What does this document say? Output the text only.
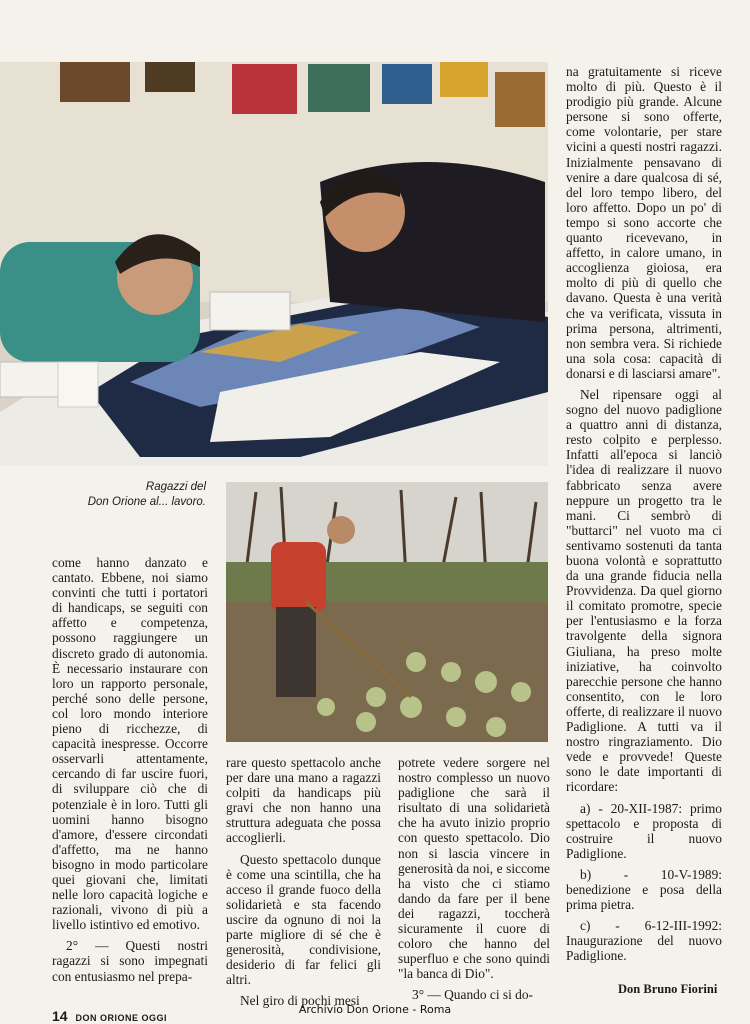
Ragazzi del
Don Orione al... lavoro.

come hanno danzato e cantato. Ebbene, noi siamo convinti che tutti i portatori di handicaps, se seguiti con affetto e competenza, possono raggiungere un discreto grado di autonomia. È necessario instaurare con loro un rapporto personale, perché sono delle persone, col loro mondo interiore pieno di ricchezze, di capacità inespresse. Occorre osservarli attentamente, cercando di far uscire fuori, di sviluppare ciò che di potenziale è in loro. Tutti gli uomini hanno bisogno d'amore, d'essere circondati d'affetto, ma ne hanno bisogno in modo particolare quei giovani che, limitati nelle loro capacità logiche e razionali, vivono di più a livello istintivo ed emotivo.

2° — Questi nostri ragazzi si sono impegnati con entusiasmo nel prepa-

rare questo spettacolo anche per dare una mano a ragazzi colpiti da handicaps più gravi che non hanno una struttura adeguata che possa accoglierli.

Questo spettacolo dunque è come una scintilla, che ha acceso il grande fuoco della solidarietà e sta facendo uscire da ognuno di noi la parte migliore di sé che è generosità, condivisione, desiderio di far felici gli altri.

Nel giro di pochi mesi

potrete vedere sorgere nel nostro complesso un nuovo padiglione che sarà il risultato di una solidarietà che ha avuto inizio proprio con questo spettacolo. Dio non si lascia vincere in generosità da noi, e siccome ha visto che ci stiamo dando da fare per il bene dei ragazzi, toccherà sicuramente il cuore di coloro che hanno del superfluo e che sono quindi "la banca di Dio".

3° — Quando ci si do-

na gratuitamente si riceve molto di più. Questo è il prodigio più grande. Alcune persone si sono offerte, come volontarie, per stare vicini a questi nostri ragazzi. Inizialmente pensavano di venire a dare qualcosa di sé, del loro tempo libero, del loro affetto. Dopo un po' di tempo si sono accorte che quanto ricevevano, in affetto, in calore umano, in accoglienza gioiosa, era molto di più di quello che davano. Questa è una verità che va verificata, vissuta in prima persona, altrimenti, non sembra vera. Si richiede una sola cosa: capacità di donarsi e di lasciarsi amare".

Nel ripensare oggi al sogno del nuovo padiglione a quattro anni di distanza, resto colpito e perplesso. Infatti all'epoca si lanciò l'idea di realizzare il nuovo fabbricato senza avere neppure un progetto tra le mani. Ci sembrò di "buttarci" nel vuoto ma ci sentivamo sostenuti da tanta buona volontà e soprattutto da una grande fiducia nella Provvidenza. Da quel giorno il comitato promotre, specie per l'entusiasmo e la forza travolgente della signora Giuliana, ha preso molte iniziative, ha coinvolto parecchie persone che hanno consentito, con le loro offerte, di realizzare il nuovo Padiglione. A tutti va il nostro ringraziamento. Dio vede e provvede! Queste sono le date importanti di ricordare:

a) - 20-XII-1987: primo spettacolo e proposta di costruire il nuovo Padiglione.

b) - 10-V-1989: benedizione e posa della prima pietra.

c) - 6-12-III-1992: Inaugurazione del nuovo Padiglione.

Don Bruno Fiorini
14 DON ORIONE OGGI
Archivio Don Orione - Roma
